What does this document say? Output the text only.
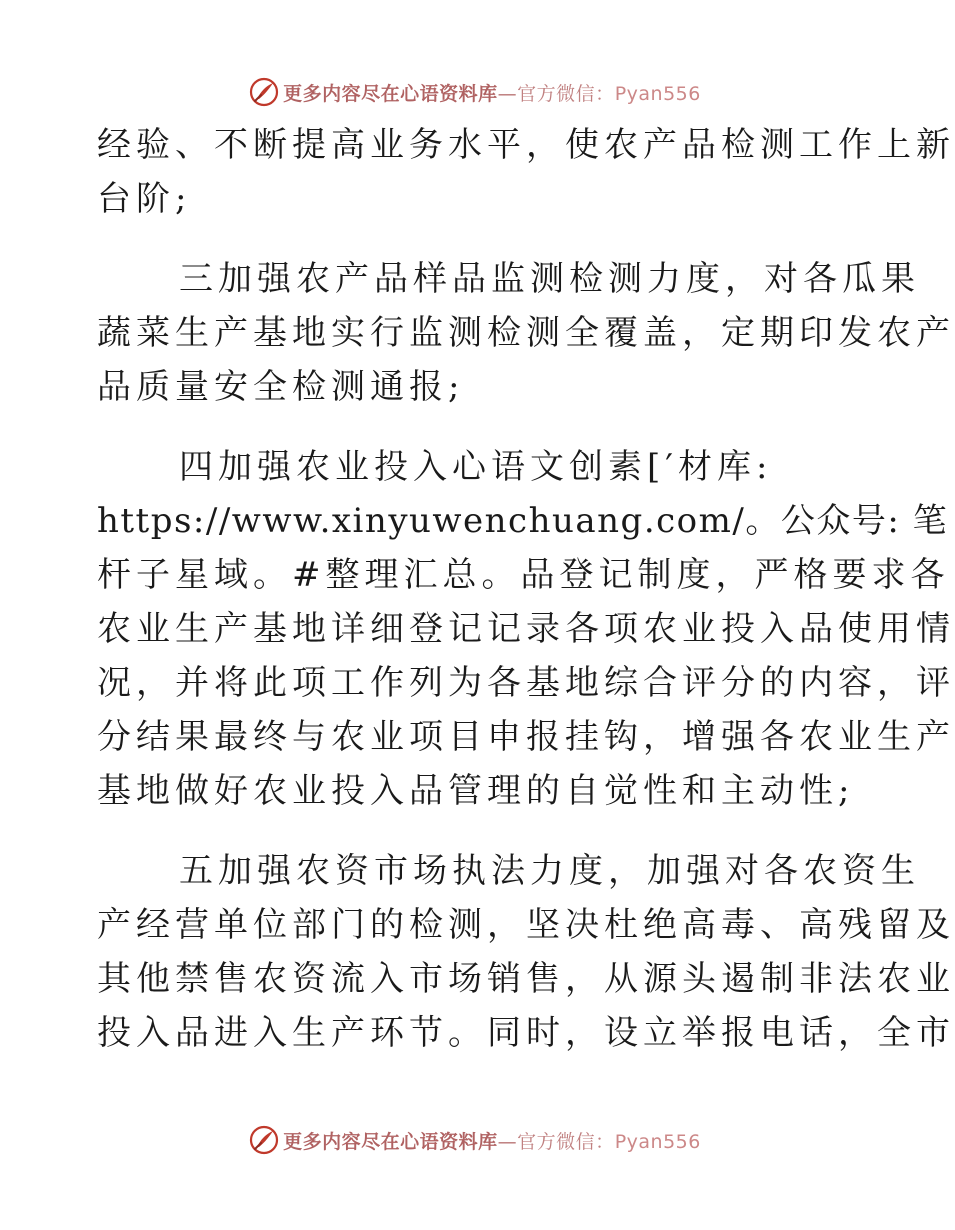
更多内容尽在心语资料库—官方微信：Pyan556
经验、不断提高业务水平，使农产品检测工作上新
台阶;
三加强农产品样品监测检测力度，对各瓜果
蔬菜生产基地实行监测检测全覆盖，定期印发农产
品质量安全检测通报;
四加强农业投入心语文创素[′材库:
https://www.xinyuwenchuang.com/。公众号: 笔
杆子星域。#整理汇总。品登记制度，严格要求各
农业生产基地详细登记记录各项农业投入品使用情
况，并将此项工作列为各基地综合评分的内容，评
分结果最终与农业项目申报挂钩，增强各农业生产
基地做好农业投入品管理的自觉性和主动性;
五加强农资市场执法力度，加强对各农资生
产经营单位部门的检测，坚决杜绝高毒、高残留及
其他禁售农资流入市场销售，从源头遏制非法农业
投入品进入生产环节。同时，设立举报电话，全市
更多内容尽在心语资料库—官方微信：Pyan556
